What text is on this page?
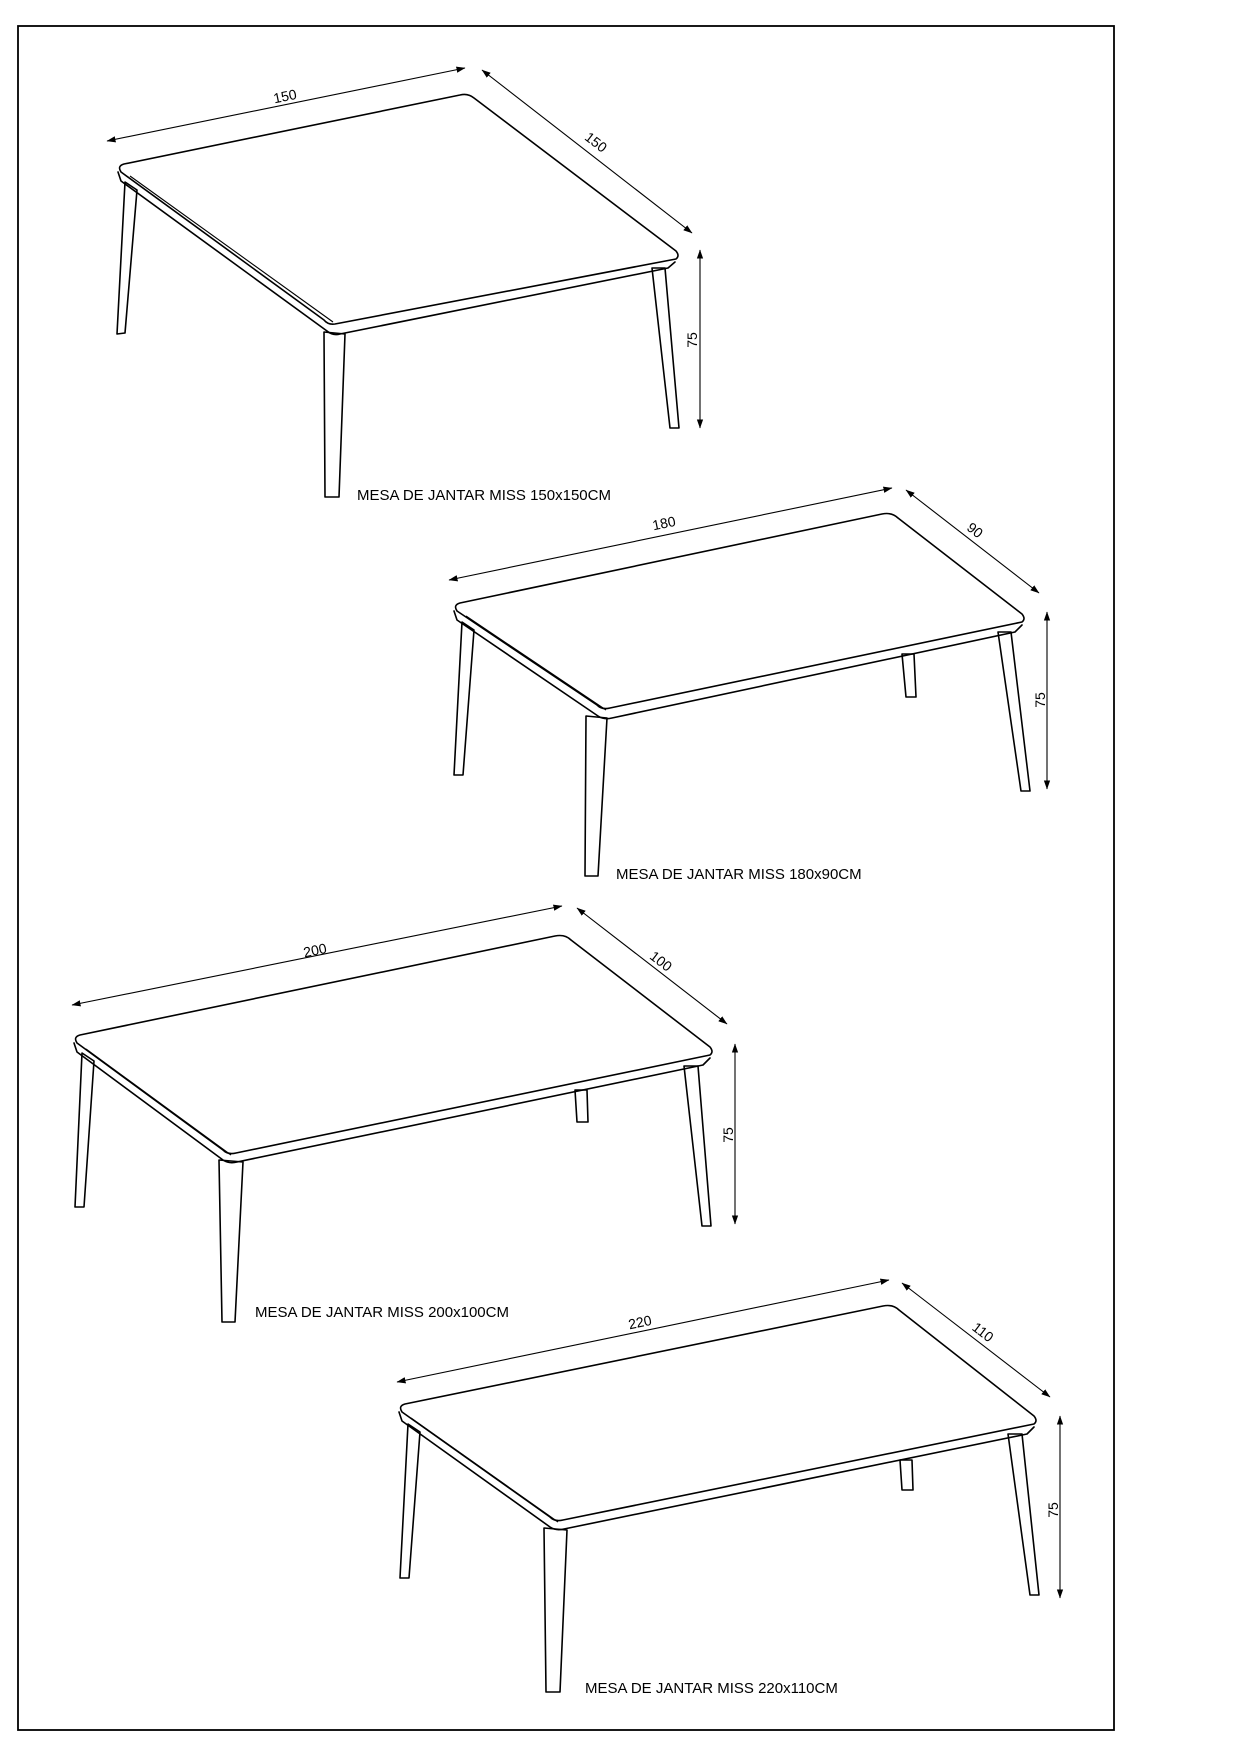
150
150
75
MESA DE JANTAR MISS 150x150CM
180	90
75
MESA DE JANTAR MISS 180x90CM
200	100
75
MESA DE JANTAR MISS 200x100CM	220	110
75
MESA DE JANTAR MISS 220x110CM
